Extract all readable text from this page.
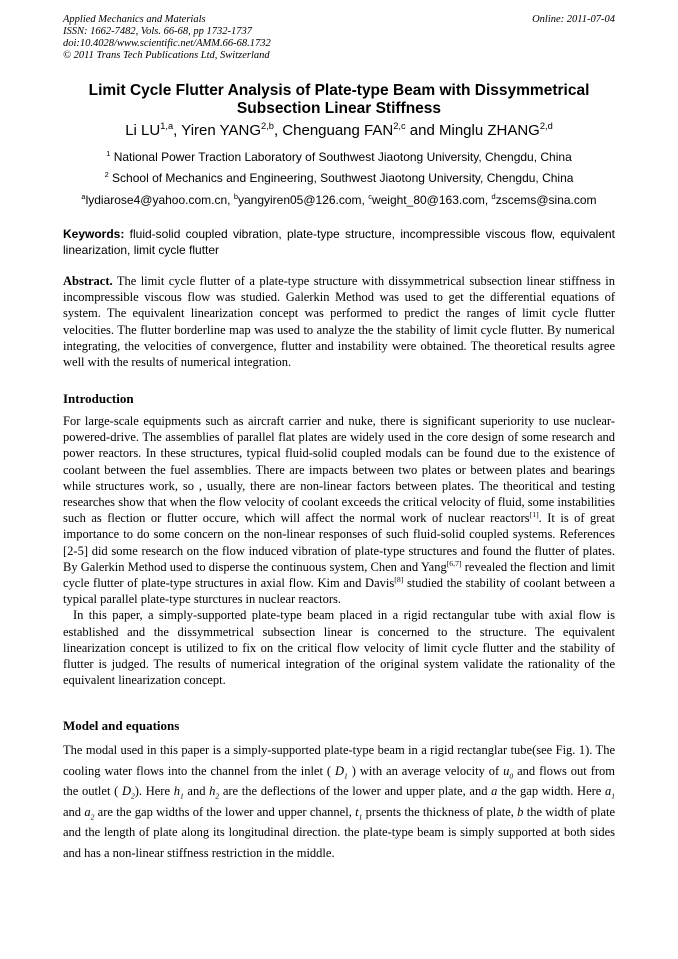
Applied Mechanics and Materials
ISSN: 1662-7482, Vols. 66-68, pp 1732-1737
doi:10.4028/www.scientific.net/AMM.66-68.1732
© 2011 Trans Tech Publications Ltd, Switzerland
Online: 2011-07-04
Limit Cycle Flutter Analysis of Plate-type Beam with Dissymmetrical
Subsection Linear Stiffness
Li LU$^{1,a}$, Yiren YANG$^{2,b}$, Chenguang FAN$^{2,c}$ and Minglu ZHANG$^{2,d}$
$^1$ National Power Traction Laboratory of Southwest Jiaotong University, Chengdu, China
$^2$ School of Mechanics and Engineering, Southwest Jiaotong University, Chengdu, China
$^a$lydiarose4@yahoo.com.cn, $^b$yangyiren05@126.com, $^c$weight_80@163.com, $^d$zscems@sina.com
Keywords: fluid-solid coupled vibration, plate-type structure, incompressible viscous flow, equivalent linearization, limit cycle flutter
Abstract. The limit cycle flutter of a plate-type structure with dissymmetrical subsection linear stiffness in incompressible viscous flow was studied. Galerkin Method was used to get the differential equations of system. The equivalent linearization concept was performed to predict the ranges of limit cycle flutter velocities. The flutter borderline map was used to analyze the the stability of limit cycle flutter. By numerical integrating, the velocities of convergence, flutter and instability were obtained. The theoretical results agree well with the results of numerical integration.
Introduction

For large-scale equipments such as aircraft carrier and nuke, there is significant superiority to use nuclear-powered-drive. The assemblies of parallel flat plates are widely used in the core design of some research and power reactors. In these structures, typical fluid-solid coupled modals can be found due to the existence of coolant between the fuel assemblies. There are impacts between two plates or between plates and bearings while structures work, so , usually, there are non-linear factors between plates. The theoritical and testing researches show that when the flow velocity of coolant exceeds the critical velocity of fluid, some instabilities such as flection or flutter occure, which will affect the normal work of nuclear reactors[1]. It is of great importance to do some concern on the non-linear responses of such fluid-solid coupled systems. References [2-5] did some research on the flow induced vibration of plate-type structures and found the flutter of plates. By Galerkin Method used to disperse the continuous system, Chen and Yang[6,7] revealed the flection and limit cycle flutter of plate-type structures in axial flow. Kim and Davis[8] studied the stability of coolant between a typical parallel plate-type sturctures in nuclear reactors.

In this paper, a simply-supported plate-type beam placed in a rigid rectangular tube with axial flow is established and the dissymmetrical subsection linear is concerned to the structure. The equivalent linearization concept is utilized to fix on the critical flow velocity of limit cycle flutter and the stability of flutter is judged. The results of numerical integration of the original system validate the rationality of the equivalent linearization concept.

Model and equations

The modal used in this paper is a simply-supported plate-type beam in a rigid rectanglar tube(see Fig. 1). The cooling water flows into the channel from the inlet ( $D_1$ ) with an average velocity of $u_0$ and flows out from the outlet ( $D_2$). Here $h_1$ and $h_2$ are the deflections of the lower and upper plate, and a the gap width. Here $a_1$ and $a_2$ are the gap widths of the lower and upper channel, $t_1$ prsents the thickness of plate, b the width of plate and the length of plate along its longitudinal direction. the plate-type beam is simply supported at both sides and has a non-linear stiffness restriction in the middle.
